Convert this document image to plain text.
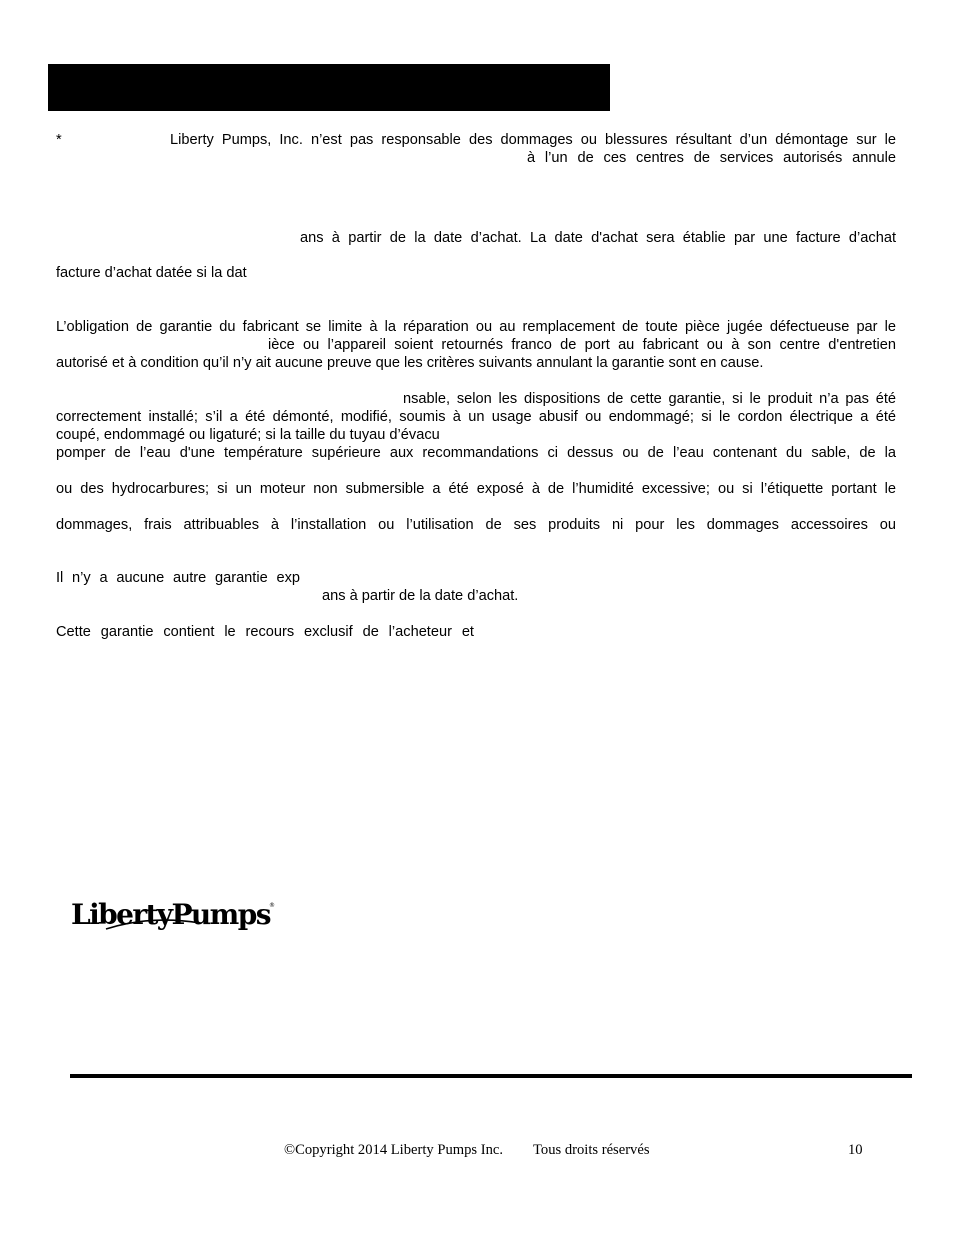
*	Liberty Pumps, Inc. n’est pas responsable des dommages ou blessures résultant d’un démontage sur le
à l’un de ces centres de services autorisés annule
ans à partir de la date d’achat. La date d'achat sera établie par une facture d’achat
facture d’achat datée si la dat
L’obligation de garantie du fabricant se limite à la réparation ou au remplacement de toute pièce jugée défectueuse par le
ièce ou l’appareil soient retournés franco de port au fabricant ou à son centre d'entretien
autorisé et à condition qu’il n’y ait aucune preuve que les critères suivants annulant la garantie sont en cause.
nsable, selon les dispositions de cette garantie, si le produit n’a pas été
correctement installé; s’il a été démonté, modifié, soumis à un usage abusif ou endommagé; si le cordon électrique a été
coupé, endommagé ou ligaturé; si la taille du tuyau d’évacu
pomper de l’eau d'une température supérieure aux recommandations ci dessus ou de l’eau contenant du sable, de la
ou des hydrocarbures; si un moteur non submersible a été exposé à de l’humidité excessive; ou si l’étiquette portant le
dommages, frais attribuables à l’installation ou l’utilisation de ses produits ni pour les dommages accessoires ou
Il n’y a aucune autre garantie exp
ans à partir de la date d’achat.
Cette garantie contient le recours exclusif de l’acheteur et
LibertyPumps ®
©Copyright 2014 Liberty Pumps Inc. Tous droits réservés	10
